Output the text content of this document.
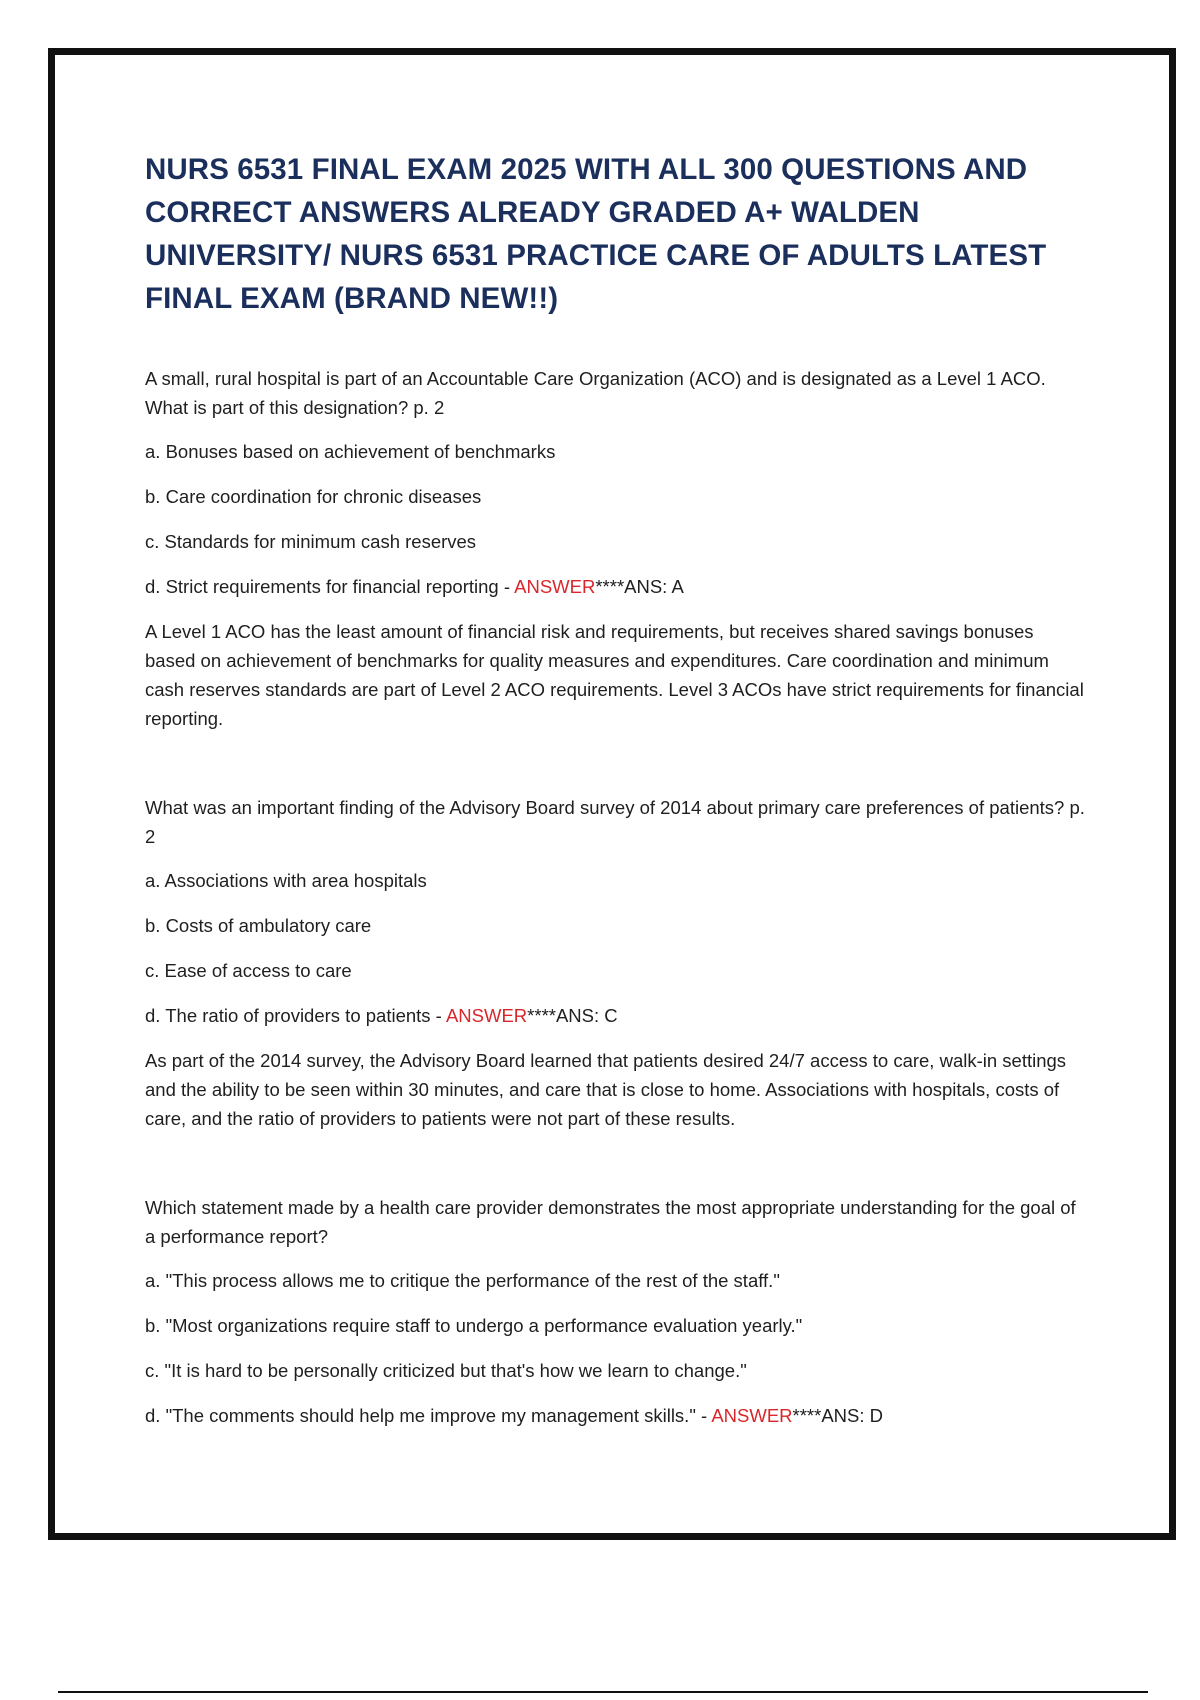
NURS 6531 FINAL EXAM 2025 WITH ALL 300 QUESTIONS AND CORRECT ANSWERS ALREADY GRADED A+ WALDEN UNIVERSITY/ NURS 6531 PRACTICE CARE OF ADULTS LATEST FINAL EXAM (BRAND NEW!!)

A small, rural hospital is part of an Accountable Care Organization (ACO) and is designated as a Level 1 ACO. What is part of this designation? p. 2

a. Bonuses based on achievement of benchmarks

b. Care coordination for chronic diseases

c. Standards for minimum cash reserves

d. Strict requirements for financial reporting - ANSWER****ANS: A

A Level 1 ACO has the least amount of financial risk and requirements, but receives shared savings bonuses based on achievement of benchmarks for quality measures and expenditures. Care coordination and minimum cash reserves standards are part of Level 2 ACO requirements. Level 3 ACOs have strict requirements for financial reporting.

What was an important finding of the Advisory Board survey of 2014 about primary care preferences of patients? p. 2

a. Associations with area hospitals

b. Costs of ambulatory care

c. Ease of access to care

d. The ratio of providers to patients - ANSWER****ANS: C

As part of the 2014 survey, the Advisory Board learned that patients desired 24/7 access to care, walk-in settings and the ability to be seen within 30 minutes, and care that is close to home. Associations with hospitals, costs of care, and the ratio of providers to patients were not part of these results.

Which statement made by a health care provider demonstrates the most appropriate understanding for the goal of a performance report?

a. "This process allows me to critique the performance of the rest of the staff."

b. "Most organizations require staff to undergo a performance evaluation yearly."

c. "It is hard to be personally criticized but that's how we learn to change."

d. "The comments should help me improve my management skills." - ANSWER****ANS: D
